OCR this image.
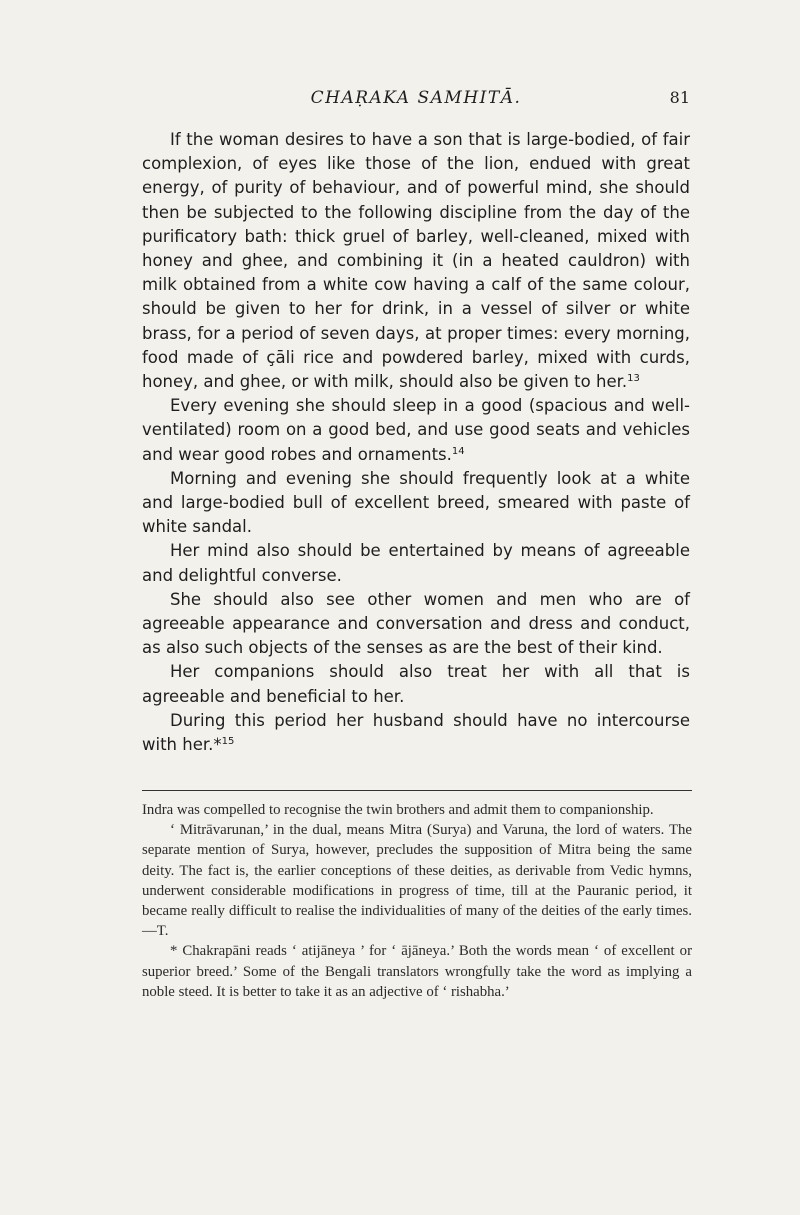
CHAṚAKA SAMHITĀ.	81

If the woman desires to have a son that is large-bodied, of fair complexion, of eyes like those of the lion, endued with great energy, of purity of behaviour, and of powerful mind, she should then be subjected to the following discipline from the day of the purificatory bath: thick gruel of barley, well-cleaned, mixed with honey and ghee, and combining it (in a heated cauldron) with milk obtained from a white cow having a calf of the same colour, should be given to her for drink, in a vessel of silver or white brass, for a period of seven days, at proper times: every morning, food made of çāli rice and powdered barley, mixed with curds, honey, and ghee, or with milk, should also be given to her.$^{13}$

Every evening she should sleep in a good (spacious and well-ventilated) room on a good bed, and use good seats and vehicles and wear good robes and ornaments.$^{14}$

Morning and evening she should frequently look at a white and large-bodied bull of excellent breed, smeared with paste of white sandal.

Her mind also should be entertained by means of agreeable and delightful converse.

She should also see other women and men who are of agreeable appearance and conversation and dress and conduct, as also such objects of the senses as are the best of their kind.

Her companions should also treat her with all that is agreeable and beneficial to her.

During this period her husband should have no intercourse with her.*$^{15}$

Indra was compelled to recognise the twin brothers and admit them to companionship.

‘ Mitrāvarunan,’ in the dual, means Mitra (Surya) and Varuna, the lord of waters. The separate mention of Surya, however, precludes the supposition of Mitra being the same deity. The fact is, the earlier conceptions of these deities, as derivable from Vedic hymns, underwent considerable modifications in progress of time, till at the Pauranic period, it became really difficult to realise the individualities of many of the deities of the early times.—T.

* Chakrapāni reads ‘ atijāneya ’ for ‘ ājāneya.’ Both the words mean ‘ of excellent or superior breed.’ Some of the Bengali translators wrongfully take the word as implying a noble steed. It is better to take it as an adjective of ‘ rishabha.’
